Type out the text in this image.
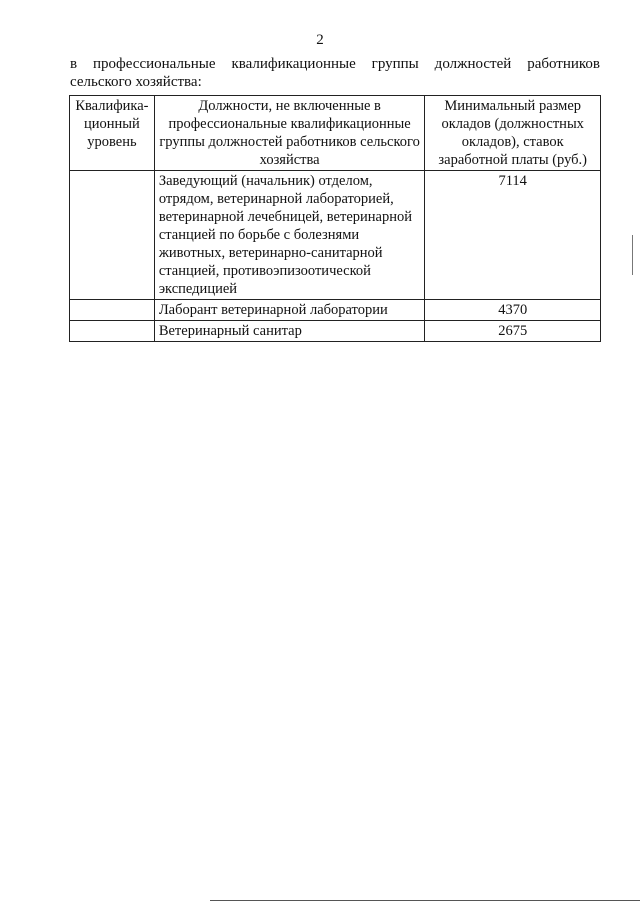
2
в профессиональные квалификационные группы должностей работников
сельского хозяйства:
Квалифика-ционный уровень	Должности, не включенные в профессиональные квалификационные группы должностей работников сельского хозяйства	Минимальный размер окладов (должностных окладов), ставок заработной платы (руб.)
	Заведующий (начальник) отделом, отрядом, ветеринарной лабораторией, ветеринарной лечебницей, ветеринарной станцией по борьбе с болезнями животных, ветеринарно-санитарной станцией, противоэпизоотической экспедицией	7114
	Лаборант ветеринарной лаборатории	4370
	Ветеринарный санитар	2675
